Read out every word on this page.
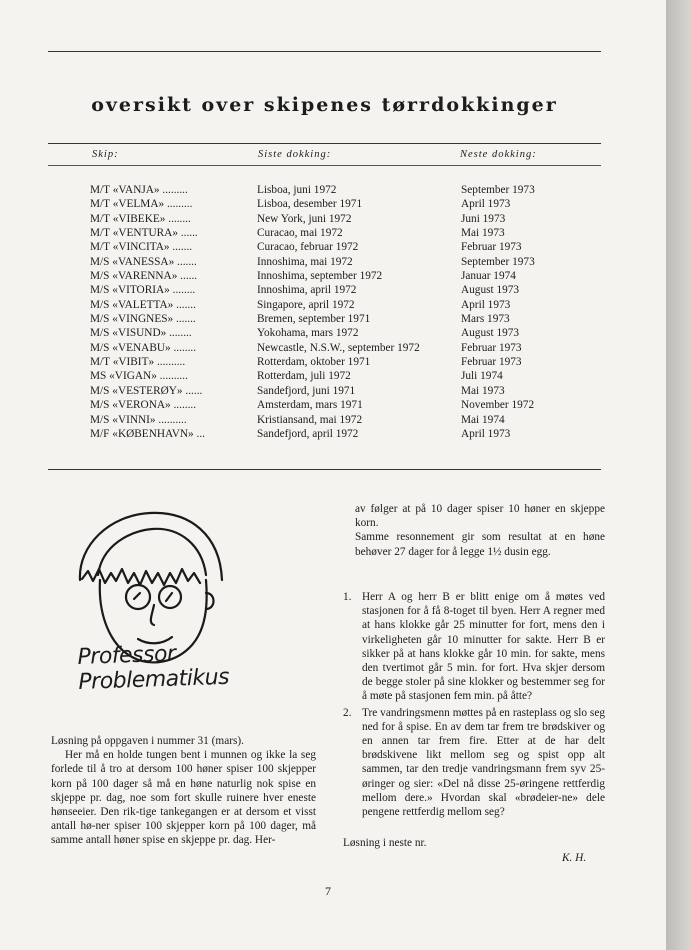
oversikt over skipenes tørrdokkinger
Skip:	Siste dokking:	Neste dokking:
M/T «VANJA» .........	Lisboa, juni 1972	September 1973
M/T «VELMA» .........	Lisboa, desember 1971	April 1973
M/T «VIBEKE» ........	New York, juni 1972	Juni 1973
M/T «VENTURA» ......	Curacao, mai 1972	Mai 1973
M/T «VINCITA» .......	Curacao, februar 1972	Februar 1973
M/S «VANESSA» .......	Innoshima, mai 1972	September 1973
M/S «VARENNA» ......	Innoshima, september 1972	Januar 1974
M/S «VITORIA» ........	Innoshima, april 1972	August 1973
M/S «VALETTA» .......	Singapore, april 1972	April 1973
M/S «VINGNES» .......	Bremen, september 1971	Mars 1973
M/S «VISUND» ........	Yokohama, mars 1972	August 1973
M/S «VENABU» ........	Newcastle, N.S.W., september 1972	Februar 1973
M/T «VIBIT» ..........	Rotterdam, oktober 1971	Februar 1973
MS «VIGAN» ..........	Rotterdam, juli 1972	Juli 1974
M/S «VESTERØY» ......	Sandefjord, juni 1971	Mai 1973
M/S «VERONA» ........	Amsterdam, mars 1971	November 1972
M/S «VINNI» ..........	Kristiansand, mai 1972	Mai 1974
M/F «KØBENHAVN» ...	Sandefjord, april 1972	April 1973
Professor Problematikus

Løsning på oppgaven i nummer 31 (mars).

Her må en holde tungen bent i munnen og ikke la seg forlede til å tro at dersom 100 høner spiser 100 skjepper korn på 100 dager så må en høne naturlig nok spise en skjeppe pr. dag, noe som fort skulle ruinere hver eneste hønseeier. Den rik-tige tankegangen er at dersom et visst antall hø-ner spiser 100 skjepper korn på 100 dager, må samme antall høner spise en skjeppe pr. dag. Her-

av følger at på 10 dager spiser 10 høner en skjeppe korn.

Samme resonnement gir som resultat at en høne behøver 27 dager for å legge 1½ dusin egg.

1. Herr A og herr B er blitt enige om å møtes ved stasjonen for å få 8-toget til byen. Herr A regner med at hans klokke går 25 minutter for fort, mens den i virkeligheten går 10 minutter for sakte. Herr B er sikker på at hans klokke går 10 min. for sakte, mens den tvertimot går 5 min. for fort. Hva skjer dersom de begge stoler på sine klokker og bestemmer seg for å møte på stasjonen fem min. på åtte?

2. Tre vandringsmenn møttes på en rasteplass og slo seg ned for å spise. En av dem tar frem tre brødskiver og en annen tar frem fire. Etter at de har delt brødskivene likt mellom seg og spist opp alt sammen, tar den tredje vandringsmann frem syv 25-øringer og sier: «Del nå disse 25-øringene rettferdig mellom dere.» Hvordan skal «brødeier-ne» dele pengene rettferdig mellom seg?

Løsning i neste nr.
K. H.
7
